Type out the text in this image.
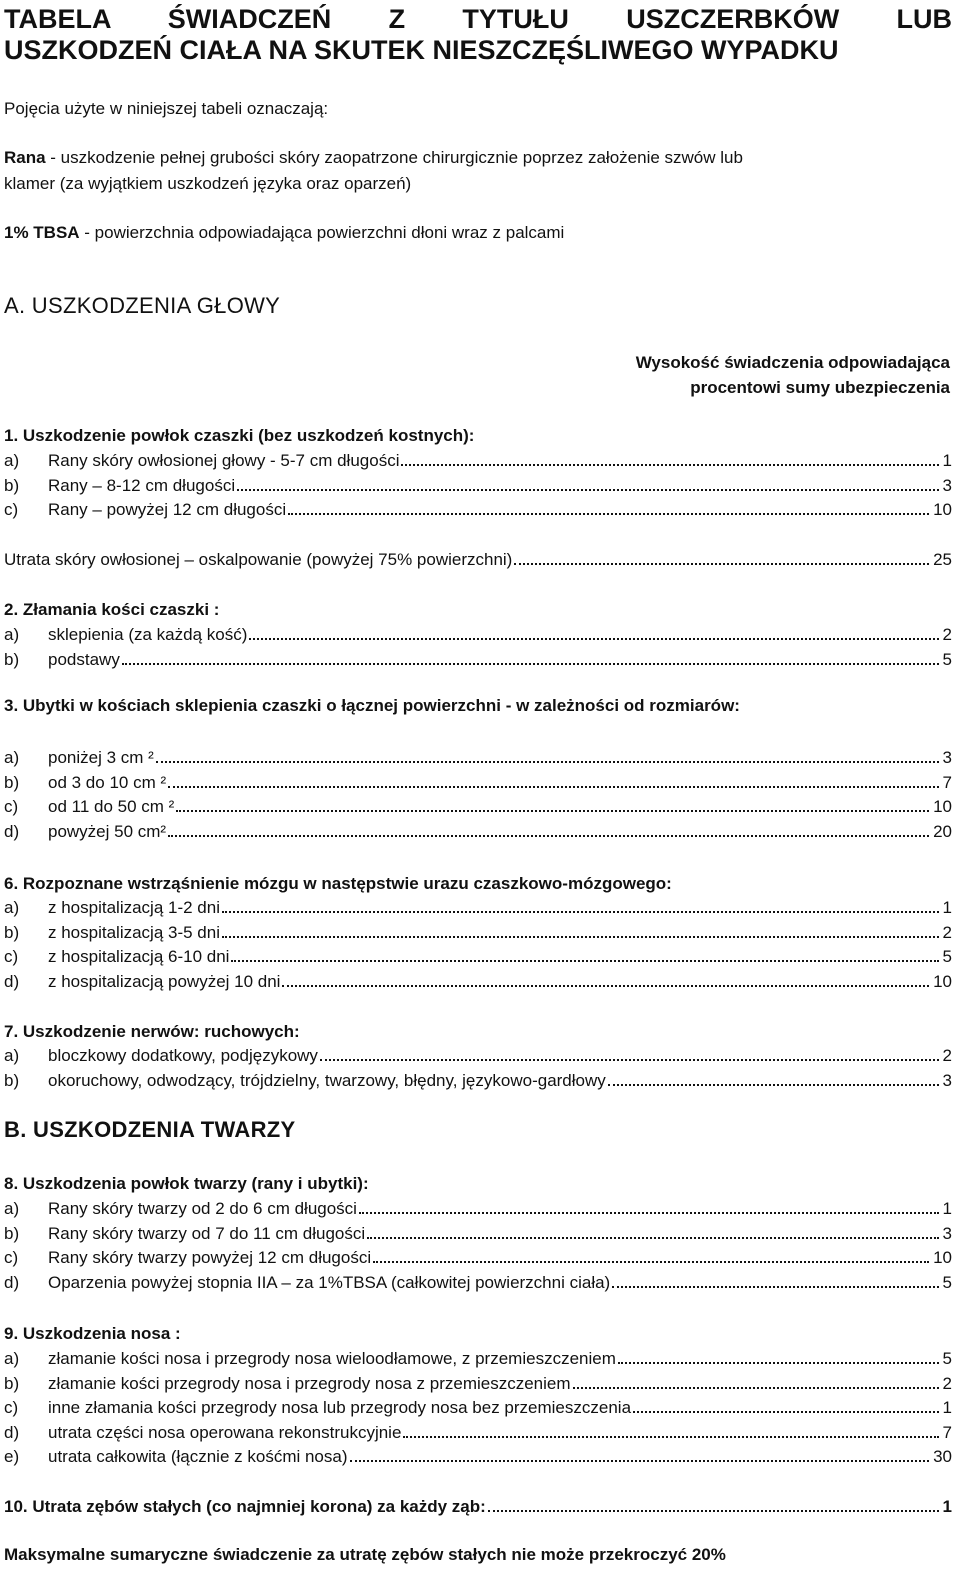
TABELA ŚWIADCZEŃ Z TYTUŁU USZCZERBKÓW LUB
USZKODZEŃ CIAŁA NA SKUTEK NIESZCZĘŚLIWEGO WYPADKU
Pojęcia użyte w niniejszej tabeli oznaczają:
Rana - uszkodzenie pełnej grubości skóry zaopatrzone chirurgicznie poprzez założenie szwów lub
klamer (za wyjątkiem uszkodzeń języka oraz oparzeń)
1% TBSA - powierzchnia odpowiadająca powierzchni dłoni wraz z palcami
A. USZKODZENIA GŁOWY
Wysokość świadczenia odpowiadająca
procentowi sumy ubezpieczenia
1. Uszkodzenie powłok czaszki (bez uszkodzeń kostnych):
a)	Rany skóry owłosionej głowy - 5-7 cm długości	1
b)	Rany – 8-12 cm długości	3
c)	Rany – powyżej 12 cm długości	10
Utrata skóry owłosionej – oskalpowanie (powyżej 75% powierzchni)	25
2. Złamania kości czaszki :
a)	sklepienia (za każdą kość)	2
b)	podstawy	5
3. Ubytki w kościach sklepienia czaszki o łącznej powierzchni - w zależności od rozmiarów:
a)	poniżej 3 cm ²	3
b)	od 3 do 10 cm ²	7
c)	od 11 do 50 cm ²	10
d)	powyżej 50 cm²	20
6. Rozpoznane wstrząśnienie mózgu w następstwie urazu czaszkowo-mózgowego:
a)	z hospitalizacją 1-2 dni	1
b)	z hospitalizacją 3-5 dni	2
c)	z hospitalizacją 6-10 dni	5
d)	z hospitalizacją powyżej 10 dni	10
7. Uszkodzenie nerwów: ruchowych:
a)	bloczkowy dodatkowy, podjęzykowy	2
b)	okoruchowy, odwodzący, trójdzielny, twarzowy, błędny, językowo-gardłowy	3
B. USZKODZENIA TWARZY
8. Uszkodzenia powłok twarzy (rany i ubytki):
a)	Rany skóry twarzy od 2 do 6 cm długości	1
b)	Rany skóry twarzy od 7 do 11 cm długości	3
c)	Rany skóry twarzy powyżej 12 cm długości	10
d)	Oparzenia powyżej stopnia IIA – za 1%TBSA (całkowitej powierzchni ciała)	5
9. Uszkodzenia nosa :
a)	złamanie kości nosa i przegrody nosa wieloodłamowe, z przemieszczeniem	5
b)	złamanie kości przegrody nosa i przegrody nosa z przemieszczeniem	2
c)	inne złamania kości przegrody nosa lub przegrody nosa bez przemieszczenia	1
d)	utrata części nosa operowana rekonstrukcyjnie	7
e)	utrata całkowita (łącznie z kośćmi nosa)	30
10. Utrata zębów stałych (co najmniej korona) za każdy ząb:	1
Maksymalne sumaryczne świadczenie za utratę zębów stałych nie może przekroczyć 20%
